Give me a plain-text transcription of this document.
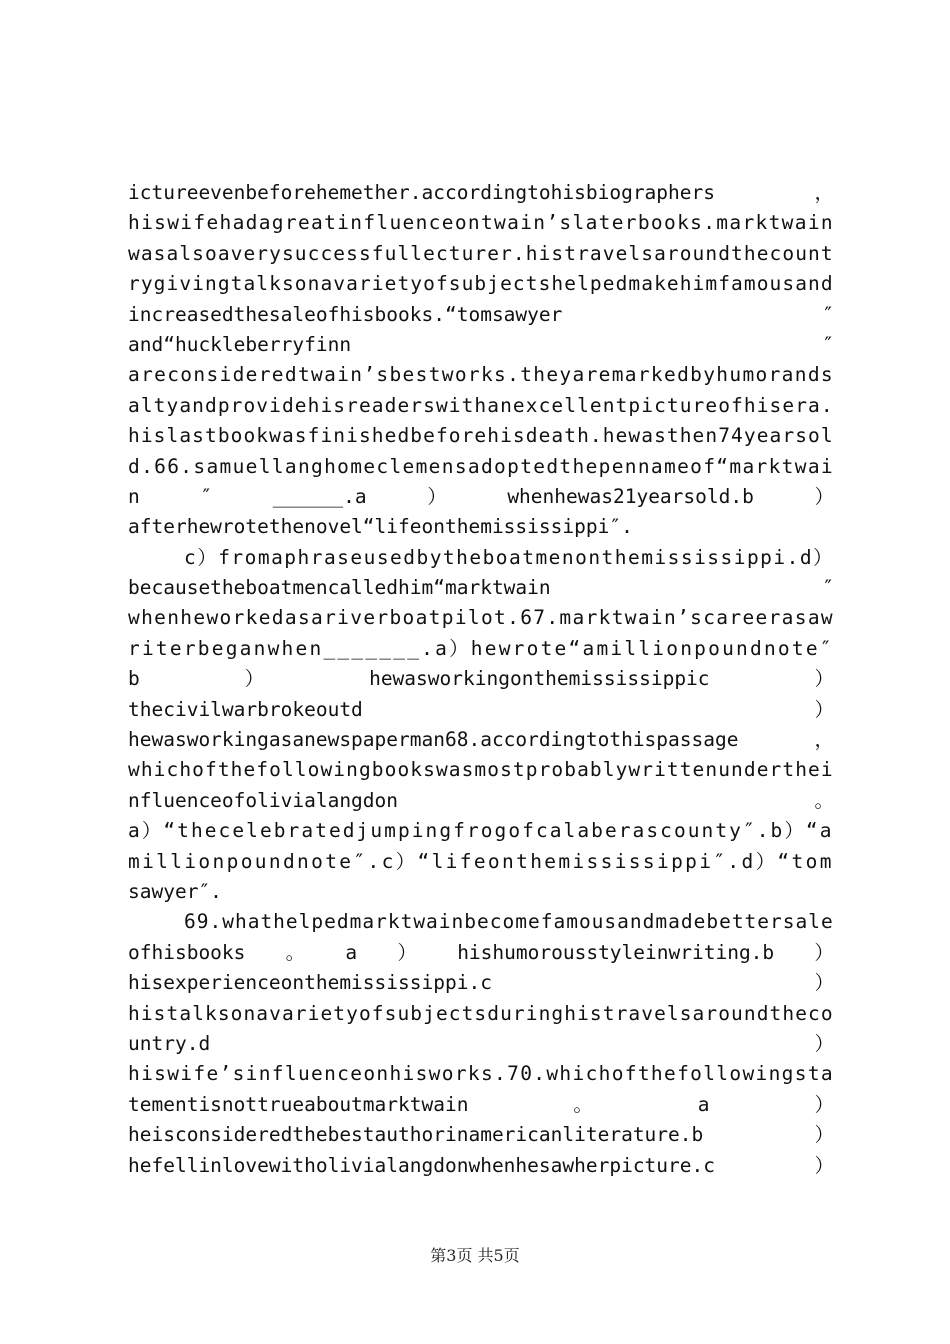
ictureevenbeforehemether.accordingtohisbiographers	，
hiswifehadagreatinfluenceontwain’slaterbooks.marktwain
wasalsoaverysuccessfullecturer.histravelsaroundthecount
rygivingtalksonavarietyofsubjectshelpedmakehimfamousand
increasedthesaleofhisbooks.“tomsawyer	″
and“huckleberryfinn	″
areconsideredtwain’sbestworks.theyaremarkedbyhumorands
altyandprovidehisreaderswithanexcellentpictureofhisera.
hislastbookwasfinishedbeforehisdeath.hewasthen74yearsol
d.66.samuellanghomeclemensadoptedthepennameof“marktwai
n	″	______.a	）	whenhewas21yearsold.b	）
afterhewrotethenovel“lifeonthemississippi″.
c）fromaphraseusedbytheboatmenonthemississippi.d）
becausetheboatmencalledhim“marktwain	″
whenheworkedasariverboatpilot.67.marktwain’scareerasaw
riterbeganwhen_______.a）hewrote“amillionpoundnote″
b	）	hewasworkingonthemississippic	）
thecivilwarbrokeoutd	）
hewasworkingasanewspaperman68.accordingtothispassage	，
whichofthefollowingbookswasmostprobablywrittenunderthei
nfluenceofolivialangdon	。
a）“thecelebratedjumpingfrogofcalaberascounty″.b）“a
millionpoundnote″.c）“lifeonthemississippi″.d）“tom
sawyer″.
69.whathelpedmarktwainbecomefamousandmadebettersale
ofhisbooks 。 a ） hishumorousstyleinwriting.b ）
hisexperienceonthemississippi.c	）
histalksonavarietyofsubjectsduringhistravelsaroundtheco
untry.d	）
hiswife’sinfluenceonhisworks.70.whichofthefollowingsta
tementisnottrueaboutmarktwain	。	a	）
heisconsideredthebestauthorinamericanliterature.b	）
hefellinlovewitholivialangdonwhenhesawherpicture.c	）
第3页 共5页
